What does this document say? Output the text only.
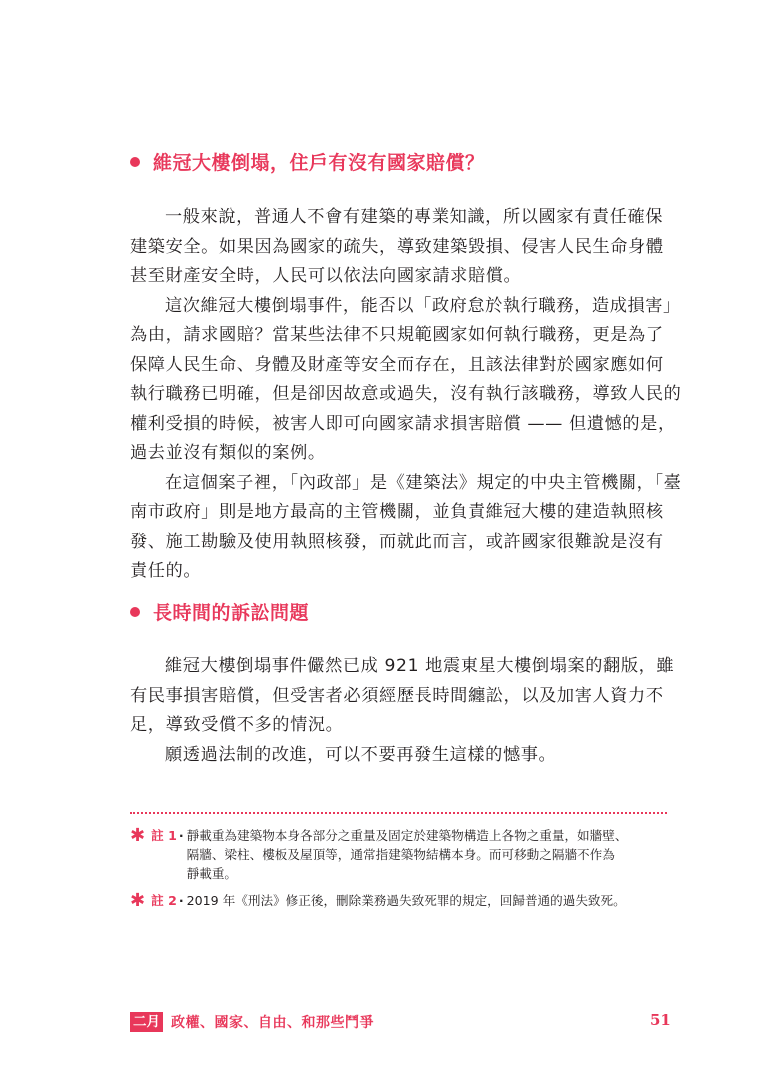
維冠大樓倒塌，住戶有沒有國家賠償？
一般來說，普通人不會有建築的專業知識，所以國家有責任確保
建築安全。如果因為國家的疏失，導致建築毀損、侵害人民生命身體
甚至財產安全時，人民可以依法向國家請求賠償。
這次維冠大樓倒塌事件，能否以「政府怠於執行職務，造成損害」
為由，請求國賠？當某些法律不只規範國家如何執行職務，更是為了
保障人民生命、身體及財產等安全而存在，且該法律對於國家應如何
執行職務已明確，但是卻因故意或過失，沒有執行該職務，導致人民的
權利受損的時候，被害人即可向國家請求損害賠償 —— 但遺憾的是，
過去並沒有類似的案例。
在這個案子裡，「內政部」是《建築法》規定的中央主管機關，「臺
南市政府」則是地方最高的主管機關，並負責維冠大樓的建造執照核
發、施工勘驗及使用執照核發，而就此而言，或許國家很難說是沒有
責任的。
長時間的訴訟問題
維冠大樓倒塌事件儼然已成 921 地震東星大樓倒塌案的翻版，雖
有民事損害賠償，但受害者必須經歷長時間纏訟，以及加害人資力不
足，導致受償不多的情況。
願透過法制的改進，可以不要再發生這樣的憾事。
✱ 註 1 · 靜載重為建築物本身各部分之重量及固定於建築物構造上各物之重量，如牆壁、
隔牆、梁柱、樓板及屋頂等，通常指建築物結構本身。而可移動之隔牆不作為
靜載重。
✱ 註 2 · 2019 年《刑法》修正後，刪除業務過失致死罪的規定，回歸普通的過失致死。
二月 政權、國家、自由、和那些鬥爭	51
